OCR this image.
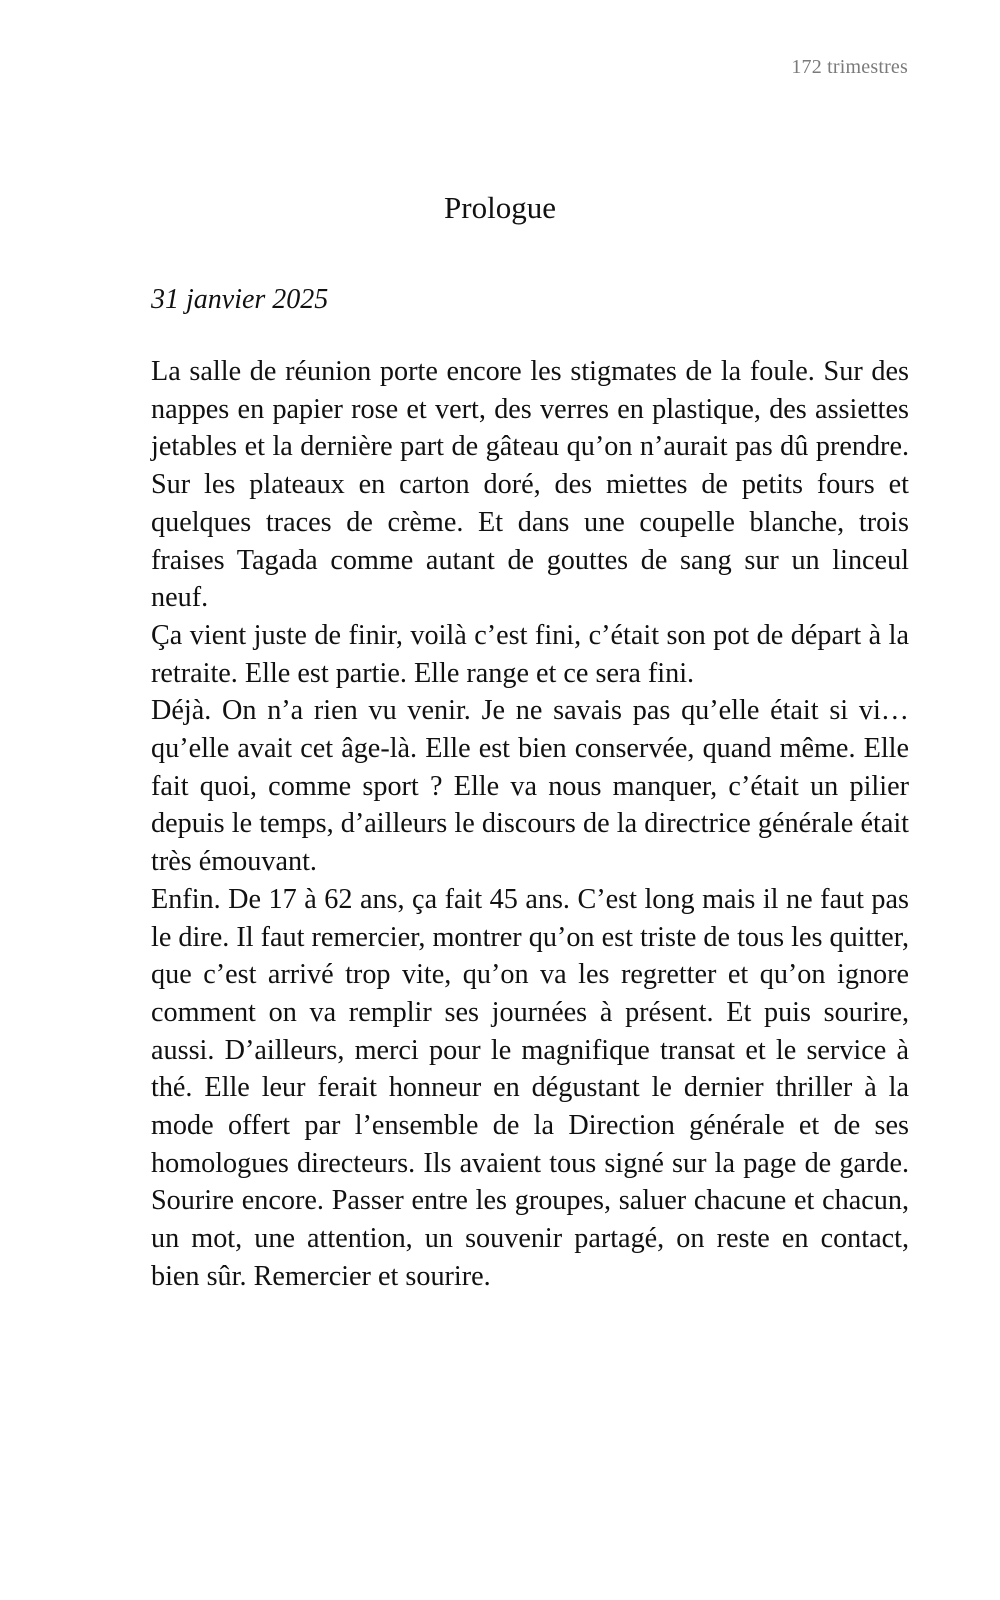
172 trimestres
Prologue
31 janvier 2025

La salle de réunion porte encore les stigmates de la foule. Sur des nappes en papier rose et vert, des verres en plastique, des assiettes jetables et la dernière part de gâteau qu’on n’aurait pas dû prendre. Sur les plateaux en carton doré, des miettes de petits fours et quelques traces de crème. Et dans une coupelle blanche, trois fraises Tagada comme autant de gouttes de sang sur un linceul neuf.

Ça vient juste de finir, voilà c’est fini, c’était son pot de départ à la retraite. Elle est partie. Elle range et ce sera fini.

Déjà. On n’a rien vu venir. Je ne savais pas qu’elle était si vi… qu’elle avait cet âge-là. Elle est bien conservée, quand même. Elle fait quoi, comme sport ? Elle va nous manquer, c’était un pilier depuis le temps, d’ailleurs le discours de la directrice générale était très émouvant.

Enfin. De 17 à 62 ans, ça fait 45 ans. C’est long mais il ne faut pas le dire. Il faut remercier, montrer qu’on est triste de tous les quitter, que c’est arrivé trop vite, qu’on va les regretter et qu’on ignore comment on va remplir ses journées à présent. Et puis sourire, aussi. D’ailleurs, merci pour le magnifique transat et le service à thé. Elle leur ferait honneur en dégustant le dernier thriller à la mode offert par l’ensemble de la Direction générale et de ses homologues directeurs. Ils avaient tous signé sur la page de garde. Sourire encore. Passer entre les groupes, saluer chacune et chacun, un mot, une attention, un souvenir partagé, on reste en contact, bien sûr. Remercier et sourire.
